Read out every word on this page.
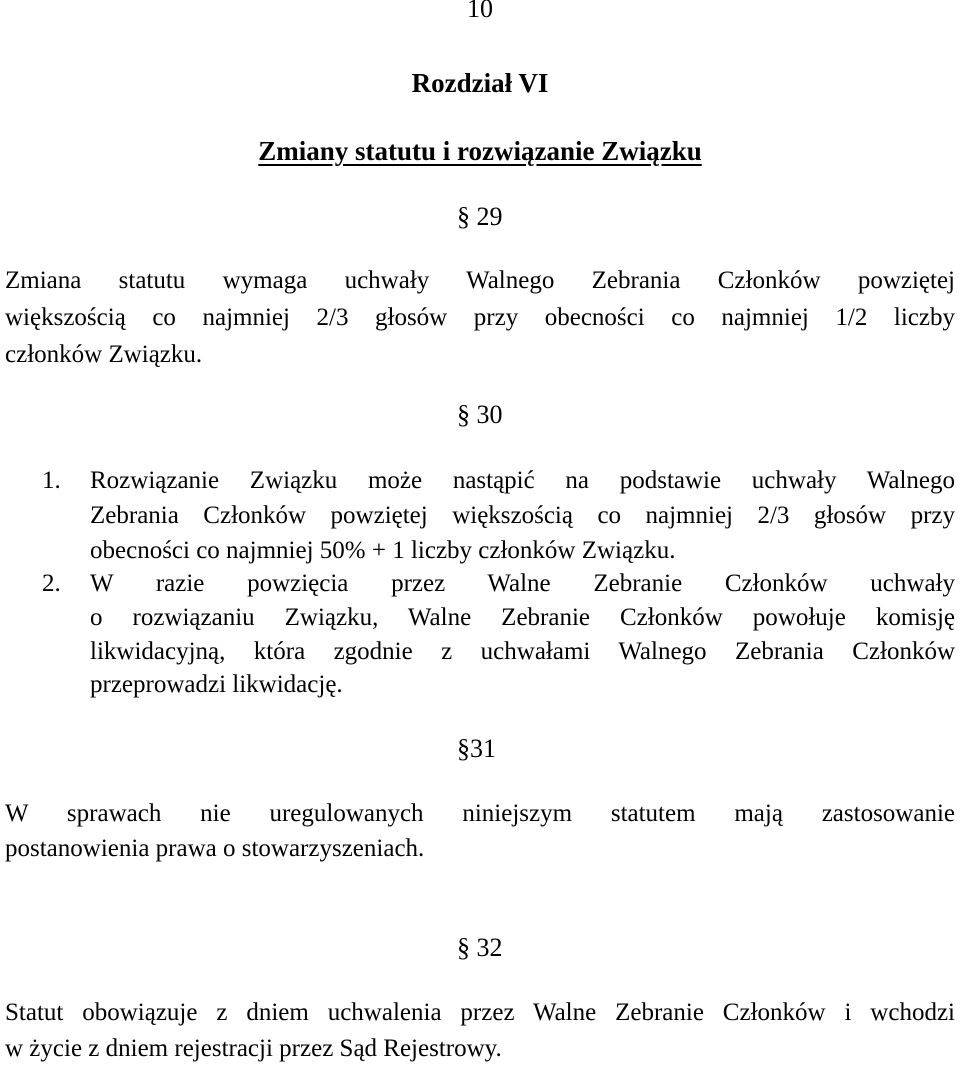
10
Rozdział VI
Zmiany statutu i rozwiązanie Związku
§ 29

Zmiana statutu wymaga uchwały Walnego Zebrania Członków powziętej

większością co najmniej 2/3 głosów przy obecności co najmniej 1/2 liczby

członków Związku.

§ 30

1. Rozwiązanie Związku może nastąpić na podstawie uchwały Walnego

Zebrania Członków powziętej większością co najmniej 2/3 głosów przy

obecności co najmniej 50% + 1 liczby członków Związku.

2. W razie powzięcia przez Walne Zebranie Członków uchwały

o rozwiązaniu Związku, Walne Zebranie Członków powołuje komisję

likwidacyjną, która zgodnie z uchwałami Walnego Zebrania Członków

przeprowadzi likwidację.

§31

W sprawach nie uregulowanych niniejszym statutem mają zastosowanie

postanowienia prawa o stowarzyszeniach.

§ 32

Statut obowiązuje z dniem uchwalenia przez Walne Zebranie Członków i wchodzi

w życie z dniem rejestracji przez Sąd Rejestrowy.
